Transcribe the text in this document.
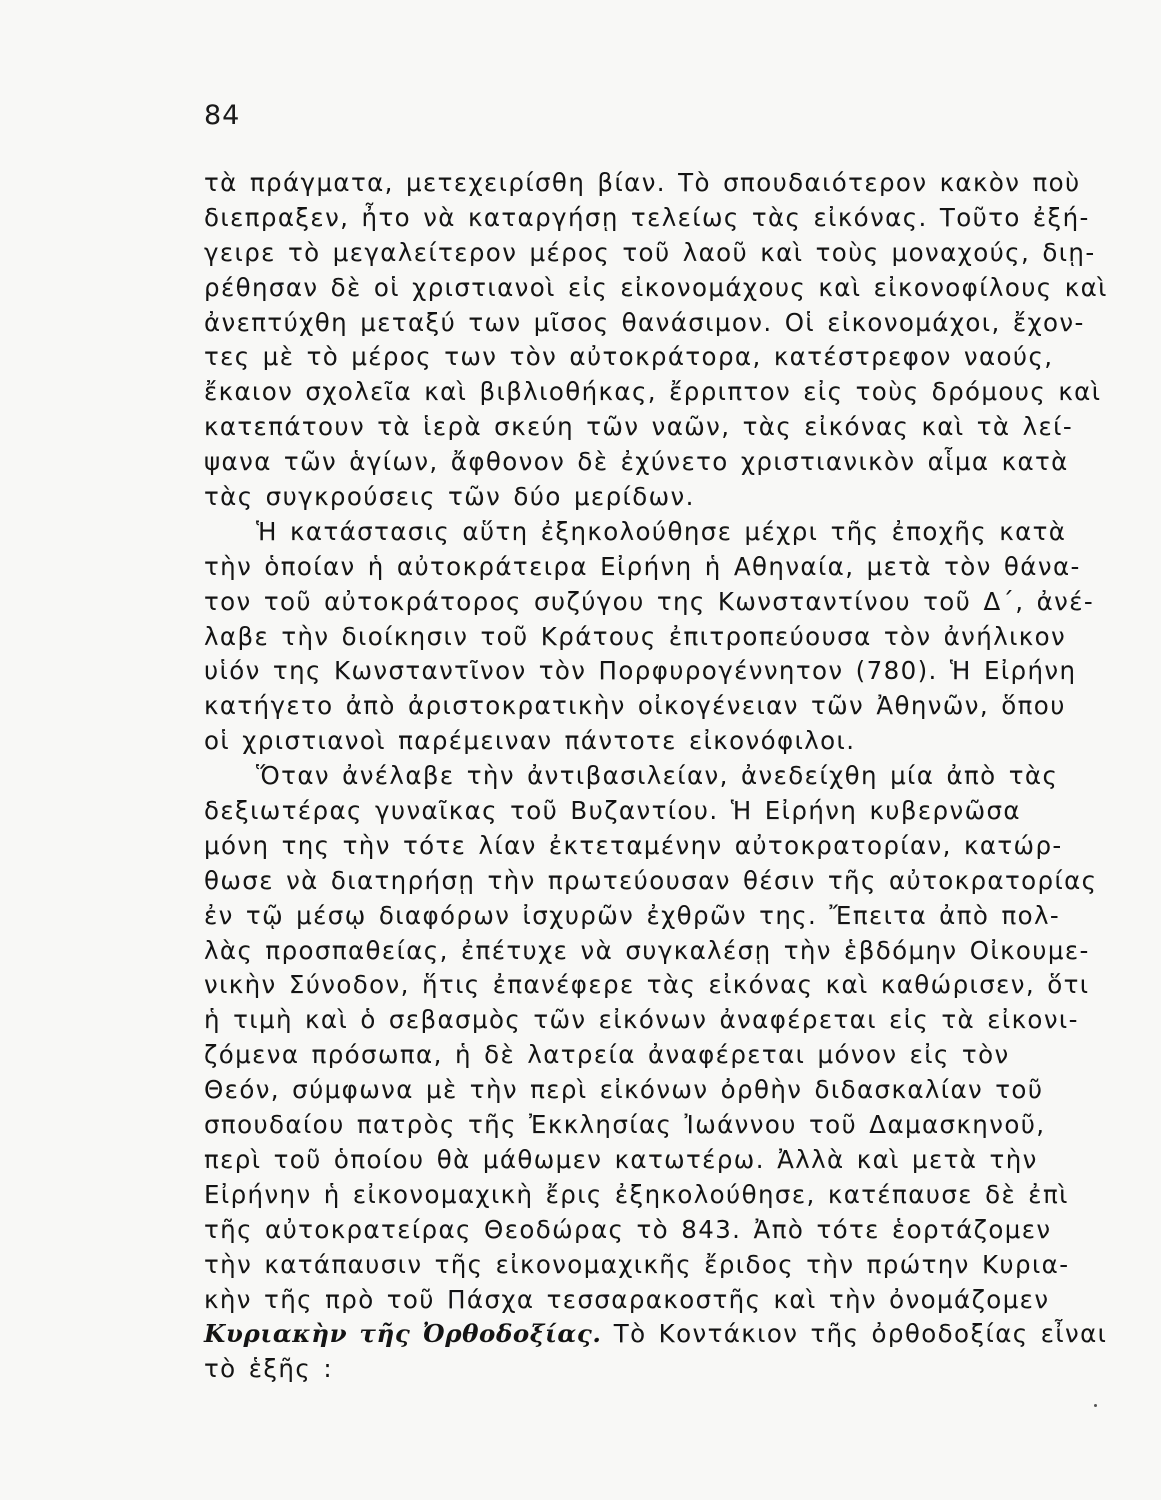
84
τὰ πράγματα, μετεχειρίσθη βίαν. Τὸ σπουδαιότερον κακὸν ποὺ
διεπραξεν, ἦτο νὰ καταργήσῃ τελείως τὰς εἰκόνας. Τοῦτο ἐξή-
γειρε τὸ μεγαλείτερον μέρος τοῦ λαοῦ καὶ τοὺς μοναχούς, διῃ-
ρέθησαν δὲ οἱ χριστιανοὶ εἰς εἰκονομάχους καὶ εἰκονοφίλους καὶ
ἀνεπτύχθη μεταξύ των μῖσος θανάσιμον. Οἱ εἰκονομάχοι, ἔχον-
τες μὲ τὸ μέρος των τὸν αὐτοκράτορα, κατέστρεφον ναούς,
ἔκαιον σχολεῖα καὶ βιβλιοθήκας, ἔρριπτον εἰς τοὺς δρόμους καὶ
κατεπάτουν τὰ ἱερὰ σκεύη τῶν ναῶν, τὰς εἰκόνας καὶ τὰ λεί-
ψανα τῶν ἁγίων, ἄφθονον δὲ ἐχύνετο χριστιανικὸν αἷμα κατὰ
τὰς συγκρούσεις τῶν δύο μερίδων.
Ἡ κατάστασις αὕτη ἐξηκολούθησε μέχρι τῆς ἐποχῆς κατὰ
τὴν ὁποίαν ἡ αὐτοκράτειρα Εἰρήνη ἡ Αθηναία, μετὰ τὸν θάνα-
τον τοῦ αὐτοκράτορος συζύγου της Κωνσταντίνου τοῦ Δ΄, ἀνέ-
λαβε τὴν διοίκησιν τοῦ Κράτους ἐπιτροπεύουσα τὸν ἀνήλικον
υἱόν της Κωνσταντῖνον τὸν Πορφυρογέννητον (780). Ἡ Εἰρήνη
κατήγετο ἀπὸ ἀριστοκρατικὴν οἰκογένειαν τῶν Ἀθηνῶν, ὅπου
οἱ χριστιανοὶ παρέμειναν πάντοτε εἰκονόφιλοι.
Ὅταν ἀνέλαβε τὴν ἀντιβασιλείαν, ἀνεδείχθη μία ἀπὸ τὰς
δεξιωτέρας γυναῖκας τοῦ Βυζαντίου. Ἡ Εἰρήνη κυβερνῶσα
μόνη της τὴν τότε λίαν ἐκτεταμένην αὐτοκρατορίαν, κατώρ-
θωσε νὰ διατηρήσῃ τὴν πρωτεύουσαν θέσιν τῆς αὐτοκρατορίας
ἐν τῷ μέσῳ διαφόρων ἰσχυρῶν ἐχθρῶν της. Ἔπειτα ἀπὸ πολ-
λὰς προσπαθείας, ἐπέτυχε νὰ συγκαλέσῃ τὴν ἑβδόμην Οἰκουμε-
νικὴν Σύνοδον, ἥτις ἐπανέφερε τὰς εἰκόνας καὶ καθώρισεν, ὅτι
ἡ τιμὴ καὶ ὁ σεβασμὸς τῶν εἰκόνων ἀναφέρεται εἰς τὰ εἰκονι-
ζόμενα πρόσωπα, ἡ δὲ λατρεία ἀναφέρεται μόνον εἰς τὸν
Θεόν, σύμφωνα μὲ τὴν περὶ εἰκόνων ὀρθὴν διδασκαλίαν τοῦ
σπουδαίου πατρὸς τῆς Ἐκκλησίας Ἰωάννου τοῦ Δαμασκηνοῦ,
περὶ τοῦ ὁποίου θὰ μάθωμεν κατωτέρω. Ἀλλὰ καὶ μετὰ τὴν
Εἰρήνην ἡ εἰκονομαχικὴ ἔρις ἐξηκολούθησε, κατέπαυσε δὲ ἐπὶ
τῆς αὐτοκρατείρας Θεοδώρας τὸ 843. Ἀπὸ τότε ἑορτάζομεν
τὴν κατάπαυσιν τῆς εἰκονομαχικῆς ἔριδος τὴν πρώτην Κυρια-
κὴν τῆς πρὸ τοῦ Πάσχα τεσσαρακοστῆς καὶ τὴν ὀνομάζομεν
Κυριακὴν τῆς Ὀρθοδοξίας. Τὸ Κοντάκιον τῆς ὀρθοδοξίας εἶναι
τὸ ἑξῆς :
